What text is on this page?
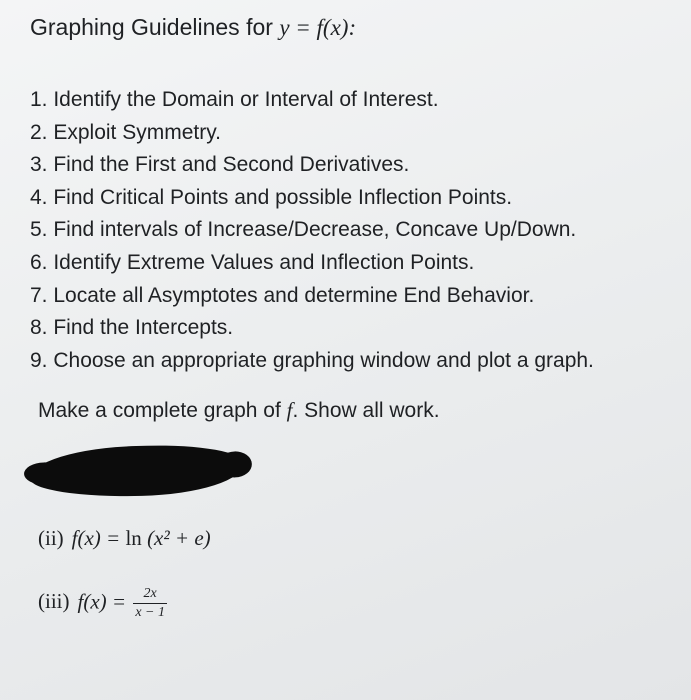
Graphing Guidelines for y = f(x):
1. Identify the Domain or Interval of Interest.
2. Exploit Symmetry.
3. Find the First and Second Derivatives.
4. Find Critical Points and possible Inflection Points.
5. Find intervals of Increase/Decrease, Concave Up/Down.
6. Identify Extreme Values and Inflection Points.
7. Locate all Asymptotes and determine End Behavior.
8. Find the Intercepts.
9. Choose an appropriate graphing window and plot a graph.
Make a complete graph of f. Show all work.
(ii) f(x) = ln (x² + e)
(iii) $f(x) = \frac{2x}{x - 1}$
